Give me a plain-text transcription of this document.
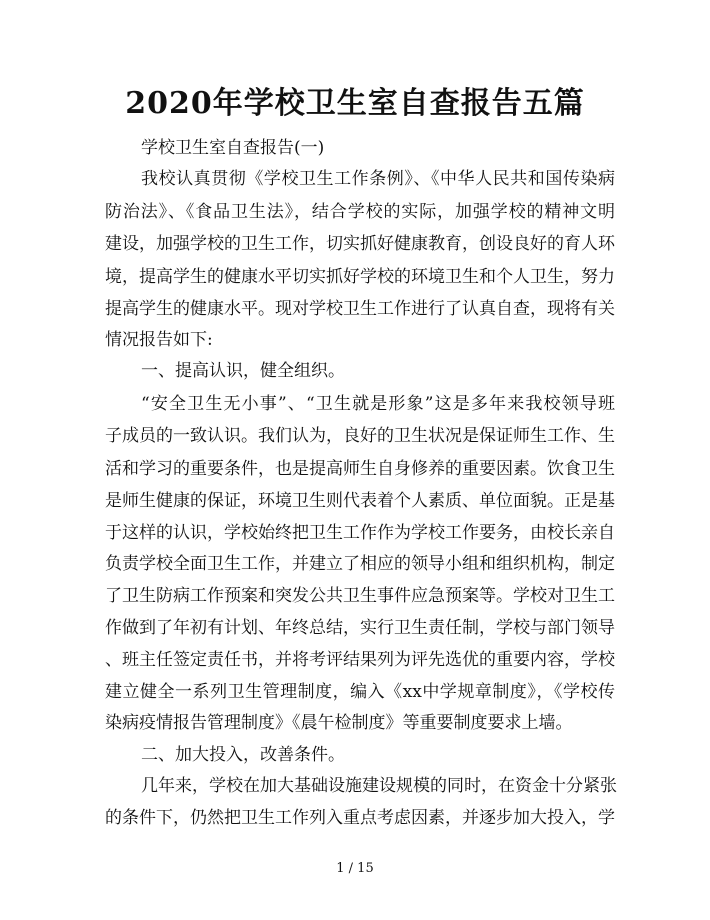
2020年学校卫生室自查报告五篇
学校卫生室自查报告(一)
我校认真贯彻《学校卫生工作条例》、《中华人民共和国传染病
防治法》、《食品卫生法》，结合学校的实际，加强学校的精神文明
建设，加强学校的卫生工作，切实抓好健康教育，创设良好的育人环
境，提高学生的健康水平切实抓好学校的环境卫生和个人卫生，努力
提高学生的健康水平。现对学校卫生工作进行了认真自查，现将有关
情况报告如下:
一、提高认识，健全组织。
“安全卫生无小事”、“卫生就是形象”这是多年来我校领导班
子成员的一致认识。我们认为，良好的卫生状况是保证师生工作、生
活和学习的重要条件，也是提高师生自身修养的重要因素。饮食卫生
是师生健康的保证，环境卫生则代表着个人素质、单位面貌。正是基
于这样的认识，学校始终把卫生工作作为学校工作要务，由校长亲自
负责学校全面卫生工作，并建立了相应的领导小组和组织机构，制定
了卫生防病工作预案和突发公共卫生事件应急预案等。学校对卫生工
作做到了年初有计划、年终总结，实行卫生责任制，学校与部门领导
、班主任签定责任书，并将考评结果列为评先选优的重要内容，学校
建立健全一系列卫生管理制度，编入《xx中学规章制度》，《学校传
染病疫情报告管理制度》《晨午检制度》等重要制度要求上墙。
二、加大投入，改善条件。
几年来，学校在加大基础设施建设规模的同时，在资金十分紧张
的条件下，仍然把卫生工作列入重点考虑因素，并逐步加大投入，学
1 / 15
